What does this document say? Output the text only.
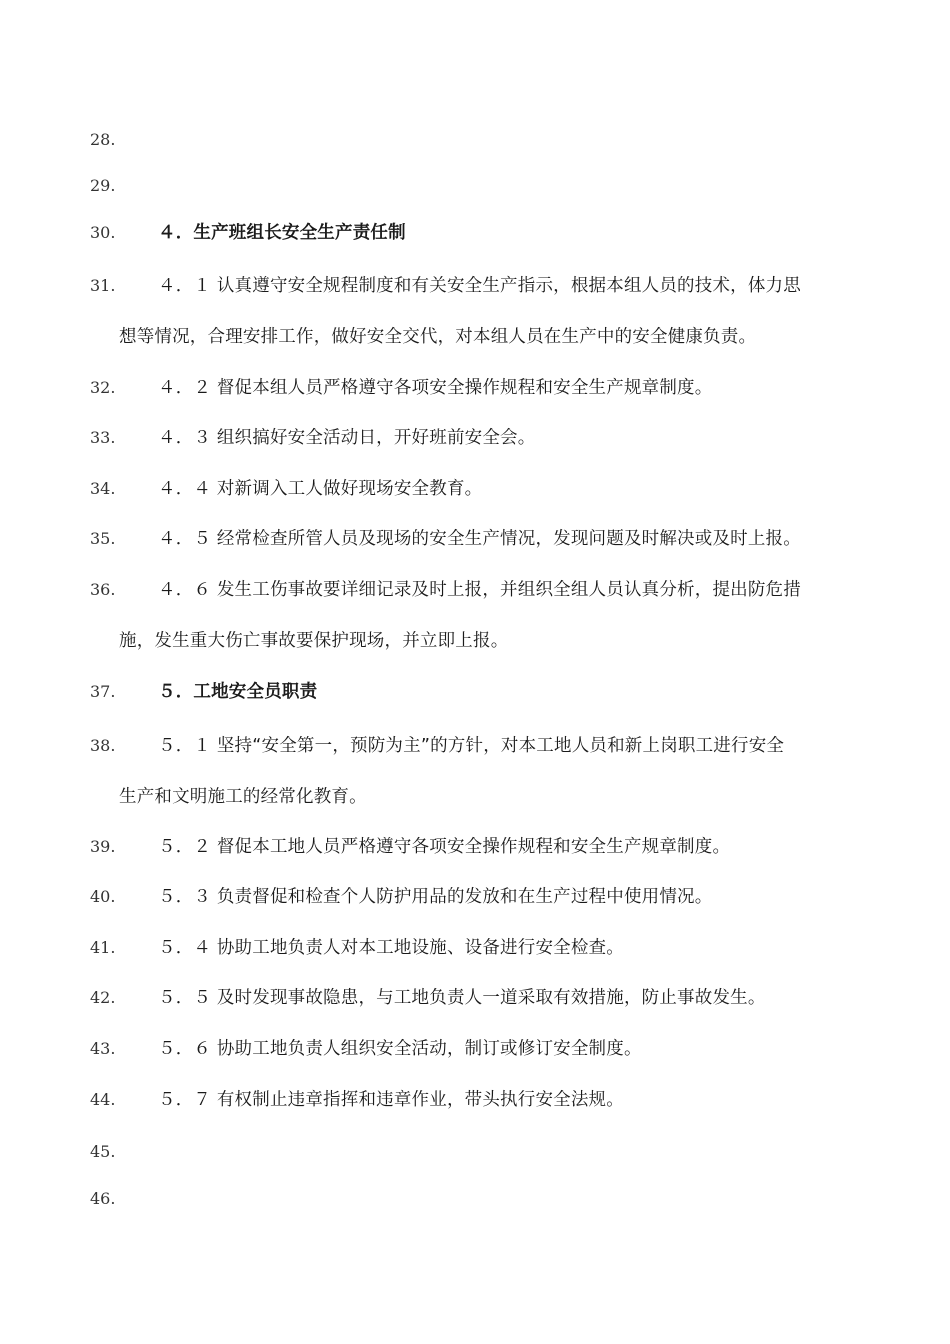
28.
29.
30. ４．生产班组长安全生产责任制
31. ４．１ 认真遵守安全规程制度和有关安全生产指示，根据本组人员的技术，体力思
想等情况，合理安排工作，做好安全交代，对本组人员在生产中的安全健康负责。
32. ４．２ 督促本组人员严格遵守各项安全操作规程和安全生产规章制度。
33. ４．３ 组织搞好安全活动日，开好班前安全会。
34. ４．４ 对新调入工人做好现场安全教育。
35. ４．５ 经常检查所管人员及现场的安全生产情况，发现问题及时解决或及时上报。
36. ４．６ 发生工伤事故要详细记录及时上报，并组织全组人员认真分析，提出防危措
施，发生重大伤亡事故要保护现场，并立即上报。
37. ５．工地安全员职责
38. ５．１ 坚持“安全第一，预防为主”的方针，对本工地人员和新上岗职工进行安全
生产和文明施工的经常化教育。
39. ５．２ 督促本工地人员严格遵守各项安全操作规程和安全生产规章制度。
40. ５．３ 负责督促和检查个人防护用品的发放和在生产过程中使用情况。
41. ５．４ 协助工地负责人对本工地设施、设备进行安全检查。
42. ５．５ 及时发现事故隐患，与工地负责人一道采取有效措施，防止事故发生。
43. ５．６ 协助工地负责人组织安全活动，制订或修订安全制度。
44. ５．７ 有权制止违章指挥和违章作业，带头执行安全法规。
45.
46.
